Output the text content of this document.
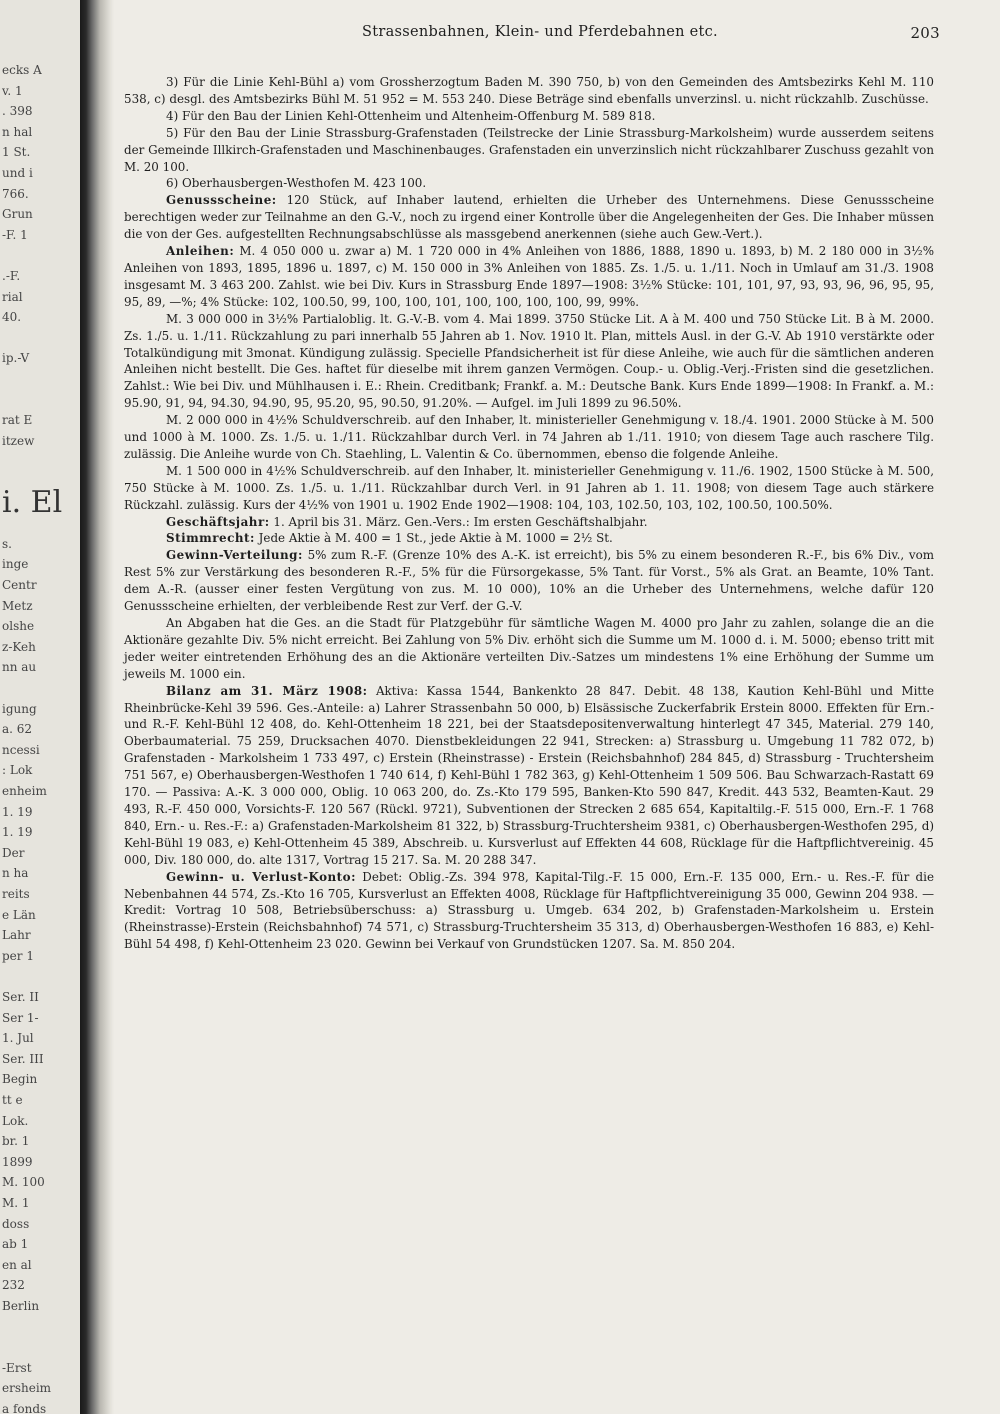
ecks A
v. 1
. 398
n hal
1 St.
und i
766.
Grun
-F. 1
.-F.
rial
40.
ip.-V
rat E
itzew
i. El
s.
inge
Centr
Metz
olshe
z-Keh
nn au
igung
a. 62
ncessi
: Lok
enheim
1. 19
1. 19
Der
n ha
reits
e Län
Lahr
per 1
Ser. II
Ser 1-
1. Jul
Ser. III
Begin
tt e
Lok.
br. 1
1899
M. 100
M. 1
doss
ab 1
en al
232
Berlin
-Erst
ersheim
a fonds
Strassenbahnen, Klein- und Pferdebahnen etc.	203

3) Für die Linie Kehl-Bühl a) vom Grossherzogtum Baden M. 390 750, b) von den Gemeinden des Amtsbezirks Kehl M. 110 538, c) desgl. des Amtsbezirks Bühl M. 51 952 = M. 553 240. Diese Beträge sind ebenfalls unverzinsl. u. nicht rückzahlb. Zuschüsse.

4) Für den Bau der Linien Kehl-Ottenheim und Altenheim-Offenburg M. 589 818.

5) Für den Bau der Linie Strassburg-Grafenstaden (Teilstrecke der Linie Strassburg-Markolsheim) wurde ausserdem seitens der Gemeinde Illkirch-Grafenstaden und Maschinenbauges. Grafenstaden ein unverzinslich nicht rückzahlbarer Zuschuss gezahlt von M. 20 100.

6) Oberhausbergen-Westhofen M. 423 100.

Genussscheine: 120 Stück, auf Inhaber lautend, erhielten die Urheber des Unternehmens. Diese Genussscheine berechtigen weder zur Teilnahme an den G.-V., noch zu irgend einer Kontrolle über die Angelegenheiten der Ges. Die Inhaber müssen die von der Ges. aufgestellten Rechnungsabschlüsse als massgebend anerkennen (siehe auch Gew.-Vert.).

Anleihen: M. 4 050 000 u. zwar a) M. 1 720 000 in 4% Anleihen von 1886, 1888, 1890 u. 1893, b) M. 2 180 000 in 3½% Anleihen von 1893, 1895, 1896 u. 1897, c) M. 150 000 in 3% Anleihen von 1885. Zs. 1./5. u. 1./11. Noch in Umlauf am 31./3. 1908 insgesamt M. 3 463 200. Zahlst. wie bei Div. Kurs in Strassburg Ende 1897—1908: 3½% Stücke: 101, 101, 97, 93, 93, 96, 96, 95, 95, 95, 89, —%; 4% Stücke: 102, 100.50, 99, 100, 100, 101, 100, 100, 100, 100, 99, 99%.

M. 3 000 000 in 3½% Partialoblig. lt. G.-V.-B. vom 4. Mai 1899. 3750 Stücke Lit. A à M. 400 und 750 Stücke Lit. B à M. 2000. Zs. 1./5. u. 1./11. Rückzahlung zu pari innerhalb 55 Jahren ab 1. Nov. 1910 lt. Plan, mittels Ausl. in der G.-V. Ab 1910 verstärkte oder Totalkündigung mit 3monat. Kündigung zulässig. Specielle Pfandsicherheit ist für diese Anleihe, wie auch für die sämtlichen anderen Anleihen nicht bestellt. Die Ges. haftet für dieselbe mit ihrem ganzen Vermögen. Coup.- u. Oblig.-Verj.-Fristen sind die gesetzlichen. Zahlst.: Wie bei Div. und Mühlhausen i. E.: Rhein. Creditbank; Frankf. a. M.: Deutsche Bank. Kurs Ende 1899—1908: In Frankf. a. M.: 95.90, 91, 94, 94.30, 94.90, 95, 95.20, 95, 90.50, 91.20%. — Aufgel. im Juli 1899 zu 96.50%.

M. 2 000 000 in 4½% Schuldverschreib. auf den Inhaber, lt. ministerieller Genehmigung v. 18./4. 1901. 2000 Stücke à M. 500 und 1000 à M. 1000. Zs. 1./5. u. 1./11. Rückzahlbar durch Verl. in 74 Jahren ab 1./11. 1910; von diesem Tage auch raschere Tilg. zulässig. Die Anleihe wurde von Ch. Staehling, L. Valentin & Co. übernommen, ebenso die folgende Anleihe.

M. 1 500 000 in 4½% Schuldverschreib. auf den Inhaber, lt. ministerieller Genehmigung v. 11./6. 1902, 1500 Stücke à M. 500, 750 Stücke à M. 1000. Zs. 1./5. u. 1./11. Rückzahlbar durch Verl. in 91 Jahren ab 1. 11. 1908; von diesem Tage auch stärkere Rückzahl. zulässig. Kurs der 4½% von 1901 u. 1902 Ende 1902—1908: 104, 103, 102.50, 103, 102, 100.50, 100.50%.

Geschäftsjahr: 1. April bis 31. März. Gen.-Vers.: Im ersten Geschäftshalbjahr.

Stimmrecht: Jede Aktie à M. 400 = 1 St., jede Aktie à M. 1000 = 2½ St.

Gewinn-Verteilung: 5% zum R.-F. (Grenze 10% des A.-K. ist erreicht), bis 5% zu einem besonderen R.-F., bis 6% Div., vom Rest 5% zur Verstärkung des besonderen R.-F., 5% für die Fürsorgekasse, 5% Tant. für Vorst., 5% als Grat. an Beamte, 10% Tant. dem A.-R. (ausser einer festen Vergütung von zus. M. 10 000), 10% an die Urheber des Unternehmens, welche dafür 120 Genussscheine erhielten, der verbleibende Rest zur Verf. der G.-V.

An Abgaben hat die Ges. an die Stadt für Platzgebühr für sämtliche Wagen M. 4000 pro Jahr zu zahlen, solange die an die Aktionäre gezahlte Div. 5% nicht erreicht. Bei Zahlung von 5% Div. erhöht sich die Summe um M. 1000 d. i. M. 5000; ebenso tritt mit jeder weiter eintretenden Erhöhung des an die Aktionäre verteilten Div.-Satzes um mindestens 1% eine Erhöhung der Summe um jeweils M. 1000 ein.

Bilanz am 31. März 1908: Aktiva: Kassa 1544, Bankenkto 28 847. Debit. 48 138, Kaution Kehl-Bühl und Mitte Rheinbrücke-Kehl 39 596. Ges.-Anteile: a) Lahrer Strassenbahn 50 000, b) Elsässische Zuckerfabrik Erstein 8000. Effekten für Ern.- und R.-F. Kehl-Bühl 12 408, do. Kehl-Ottenheim 18 221, bei der Staatsdepositenverwaltung hinterlegt 47 345, Material. 279 140, Oberbaumaterial. 75 259, Drucksachen 4070. Dienstbekleidungen 22 941, Strecken: a) Strassburg u. Umgebung 11 782 072, b) Grafenstaden - Markolsheim 1 733 497, c) Erstein (Rheinstrasse) - Erstein (Reichsbahnhof) 284 845, d) Strassburg - Truchtersheim 751 567, e) Oberhausbergen-Westhofen 1 740 614, f) Kehl-Bühl 1 782 363, g) Kehl-Ottenheim 1 509 506. Bau Schwarzach-Rastatt 69 170. — Passiva: A.-K. 3 000 000, Oblig. 10 063 200, do. Zs.-Kto 179 595, Banken-Kto 590 847, Kredit. 443 532, Beamten-Kaut. 29 493, R.-F. 450 000, Vorsichts-F. 120 567 (Rückl. 9721), Subventionen der Strecken 2 685 654, Kapitaltilg.-F. 515 000, Ern.-F. 1 768 840, Ern.- u. Res.-F.: a) Grafenstaden-Markolsheim 81 322, b) Strassburg-Truchtersheim 9381, c) Oberhausbergen-Westhofen 295, d) Kehl-Bühl 19 083, e) Kehl-Ottenheim 45 389, Abschreib. u. Kursverlust auf Effekten 44 608, Rücklage für die Haftpflichtvereinig. 45 000, Div. 180 000, do. alte 1317, Vortrag 15 217. Sa. M. 20 288 347.

Gewinn- u. Verlust-Konto: Debet: Oblig.-Zs. 394 978, Kapital-Tilg.-F. 15 000, Ern.-F. 135 000, Ern.- u. Res.-F. für die Nebenbahnen 44 574, Zs.-Kto 16 705, Kursverlust an Effekten 4008, Rücklage für Haftpflichtvereinigung 35 000, Gewinn 204 938. — Kredit: Vortrag 10 508, Betriebsüberschuss: a) Strassburg u. Umgeb. 634 202, b) Grafenstaden-Markolsheim u. Erstein (Rheinstrasse)-Erstein (Reichsbahnhof) 74 571, c) Strassburg-Truchtersheim 35 313, d) Oberhausbergen-Westhofen 16 883, e) Kehl-Bühl 54 498, f) Kehl-Ottenheim 23 020. Gewinn bei Verkauf von Grundstücken 1207. Sa. M. 850 204.
